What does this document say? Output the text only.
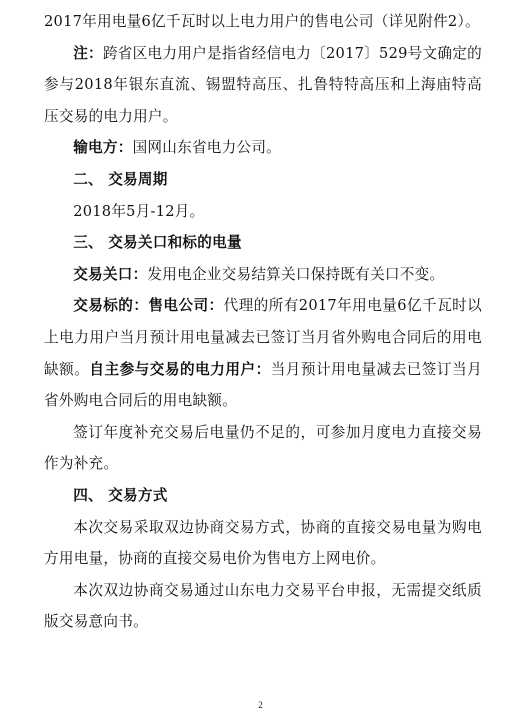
2017年用电量6亿千瓦时以上电力用户的售电公司（详见附件2）。

注：跨省区电力用户是指省经信电力〔2017〕529号文确定的参与2018年银东直流、锡盟特高压、扎鲁特特高压和上海庙特高压交易的电力用户。

输电方：国网山东省电力公司。

二、 交易周期

2018年5月-12月。

三、 交易关口和标的电量

交易关口：发用电企业交易结算关口保持既有关口不变。

交易标的：售电公司：代理的所有2017年用电量6亿千瓦时以上电力用户当月预计用电量减去已签订当月省外购电合同后的用电缺额。自主参与交易的电力用户：当月预计用电量减去已签订当月省外购电合同后的用电缺额。

签订年度补充交易后电量仍不足的，可参加月度电力直接交易作为补充。

四、 交易方式

本次交易采取双边协商交易方式，协商的直接交易电量为购电方用电量，协商的直接交易电价为售电方上网电价。

本次双边协商交易通过山东电力交易平台申报，无需提交纸质版交易意向书。

2
